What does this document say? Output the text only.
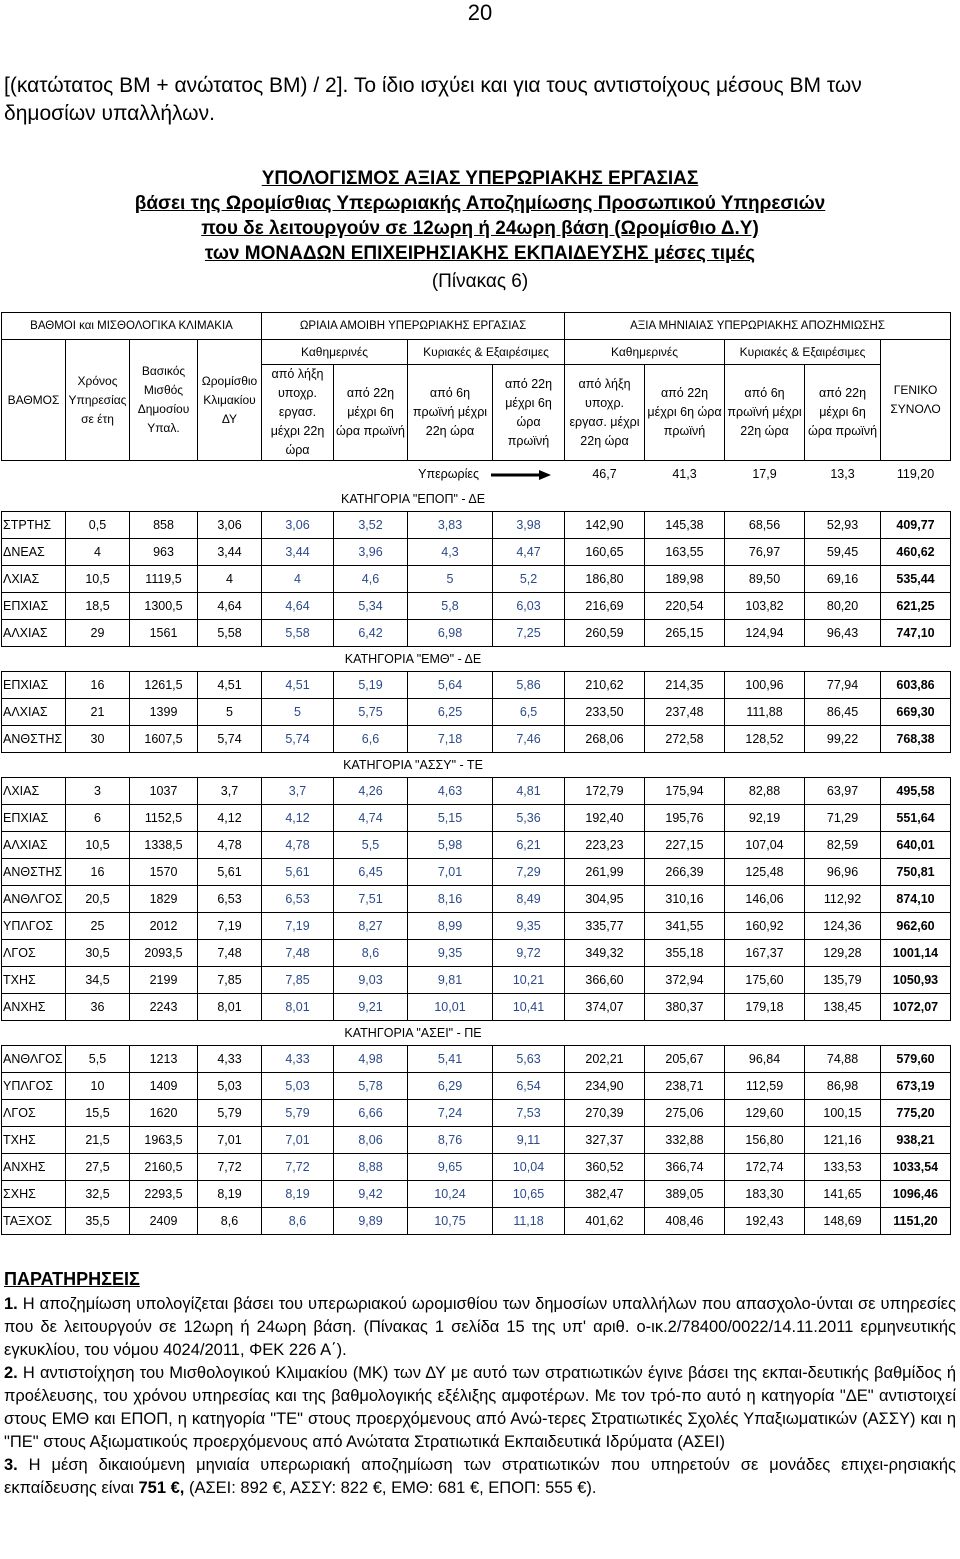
20
[(κατώτατος ΒΜ + ανώτατος ΒΜ) / 2]. Το ίδιο ισχύει και για τους αντιστοίχους μέσους ΒΜ των δημοσίων υπαλλήλων.
ΥΠΟΛΟΓΙΣΜΟΣ ΑΞΙΑΣ ΥΠΕΡΩΡΙΑΚΗΣ ΕΡΓΑΣΙΑΣ
βάσει της Ωρομίσθιας Υπερωριακής Αποζημίωσης Προσωπικού Υπηρεσιών
που δε λειτουργούν σε 12ωρη ή 24ωρη βάση (Ωρομίσθιο Δ.Υ)
των ΜΟΝΑΔΩΝ ΕΠΙΧΕΙΡΗΣΙΑΚΗΣ ΕΚΠΑΙΔΕΥΣΗΣ μέσες τιμές
(Πίνακας 6)
ΒΑΘΜΟΙ και ΜΙΣΘΟΛΟΓΙΚΑ ΚΛΙΜΑΚΙΑ				ΩΡΙΑΙΑ ΑΜΟΙΒΗ ΥΠΕΡΩΡΙΑΚΗΣ ΕΡΓΑΣΙΑΣ				ΑΞΙΑ ΜΗΝΙΑΙΑΣ ΥΠΕΡΩΡΙΑΚΗΣ ΑΠΟΖΗΜΙΩΣΗΣ				
ΒΑΘΜΟΣ	Χρόνος Υπηρεσίας σε έτη	Βασικός Μισθός Δημοσίου Υπαλ.	Ωρομίσθιο Κλιμακίου ΔΥ	Καθημερινές		Κυριακές & Εξαιρέσιμες		Καθημερινές		Κυριακές & Εξαιρέσιμες		ΓΕΝΙΚΟ ΣΥΝΟΛΟ
				από λήξη υποχρ. εργασ. μέχρι 22η ώρα	από 22η μέχρι 6η ώρα πρωϊνή	από 6η πρωϊνή μέχρι 22η ώρα	από 22η μέχρι 6η ώρα πρωϊνή	από λήξη υποχρ. εργασ. μέχρι 22η ώρα	από 22η μέχρι 6η ώρα πρωϊνή	από 6η πρωϊνή μέχρι 22η ώρα	από 22η μέχρι 6η ώρα πρωϊνή	
				Υπερωρίες				46,7	41,3	17,9	13,3	119,20
				ΚΑΤΗΓΟΡΙΑ "ΕΠΟΠ" - ΔΕ								
ΣΤΡΤΗΣ	0,5	858	3,06	3,06	3,52	3,83	3,98	142,90	145,38	68,56	52,93	409,77
ΔΝΕΑΣ	4	963	3,44	3,44	3,96	4,3	4,47	160,65	163,55	76,97	59,45	460,62
ΛΧΙΑΣ	10,5	1119,5	4	4	4,6	5	5,2	186,80	189,98	89,50	69,16	535,44
ΕΠΧΙΑΣ	18,5	1300,5	4,64	4,64	5,34	5,8	6,03	216,69	220,54	103,82	80,20	621,25
ΑΛΧΙΑΣ	29	1561	5,58	5,58	6,42	6,98	7,25	260,59	265,15	124,94	96,43	747,10
				ΚΑΤΗΓΟΡΙΑ "ΕΜΘ" - ΔΕ								
ΕΠΧΙΑΣ	16	1261,5	4,51	4,51	5,19	5,64	5,86	210,62	214,35	100,96	77,94	603,86
ΑΛΧΙΑΣ	21	1399	5	5	5,75	6,25	6,5	233,50	237,48	111,88	86,45	669,30
ΑΝΘΣΤΗΣ	30	1607,5	5,74	5,74	6,6	7,18	7,46	268,06	272,58	128,52	99,22	768,38
				ΚΑΤΗΓΟΡΙΑ "ΑΣΣΥ" - ΤΕ								
ΛΧΙΑΣ	3	1037	3,7	3,7	4,26	4,63	4,81	172,79	175,94	82,88	63,97	495,58
ΕΠΧΙΑΣ	6	1152,5	4,12	4,12	4,74	5,15	5,36	192,40	195,76	92,19	71,29	551,64
ΑΛΧΙΑΣ	10,5	1338,5	4,78	4,78	5,5	5,98	6,21	223,23	227,15	107,04	82,59	640,01
ΑΝΘΣΤΗΣ	16	1570	5,61	5,61	6,45	7,01	7,29	261,99	266,39	125,48	96,96	750,81
ΑΝΘΛΓΟΣ	20,5	1829	6,53	6,53	7,51	8,16	8,49	304,95	310,16	146,06	112,92	874,10
ΥΠΛΓΟΣ	25	2012	7,19	7,19	8,27	8,99	9,35	335,77	341,55	160,92	124,36	962,60
ΛΓΟΣ	30,5	2093,5	7,48	7,48	8,6	9,35	9,72	349,32	355,18	167,37	129,28	1001,14
ΤΧΗΣ	34,5	2199	7,85	7,85	9,03	9,81	10,21	366,60	372,94	175,60	135,79	1050,93
ΑΝΧΗΣ	36	2243	8,01	8,01	9,21	10,01	10,41	374,07	380,37	179,18	138,45	1072,07
				ΚΑΤΗΓΟΡΙΑ "ΑΣΕΙ" - ΠΕ								
ΑΝΘΛΓΟΣ	5,5	1213	4,33	4,33	4,98	5,41	5,63	202,21	205,67	96,84	74,88	579,60
ΥΠΛΓΟΣ	10	1409	5,03	5,03	5,78	6,29	6,54	234,90	238,71	112,59	86,98	673,19
ΛΓΟΣ	15,5	1620	5,79	5,79	6,66	7,24	7,53	270,39	275,06	129,60	100,15	775,20
ΤΧΗΣ	21,5	1963,5	7,01	7,01	8,06	8,76	9,11	327,37	332,88	156,80	121,16	938,21
ΑΝΧΗΣ	27,5	2160,5	7,72	7,72	8,88	9,65	10,04	360,52	366,74	172,74	133,53	1033,54
ΣΧΗΣ	32,5	2293,5	8,19	8,19	9,42	10,24	10,65	382,47	389,05	183,30	141,65	1096,46
ΤΑΞΧΟΣ	35,5	2409	8,6	8,6	9,89	10,75	11,18	401,62	408,46	192,43	148,69	1151,20
ΠΑΡΑΤΗΡΗΣΕΙΣ

1. Η αποζημίωση υπολογίζεται βάσει του υπερωριακού ωρομισθίου των δημοσίων υπαλλήλων που απασχολο-ύνται σε υπηρεσίες που δε λειτουργούν σε 12ωρη ή 24ωρη βάση. (Πίνακας 1 σελίδα 15 της υπ' αριθ. ο-ικ.2/78400/0022/14.11.2011 ερμηνευτικής εγκυκλίου, του νόμου 4024/2011, ΦΕΚ 226 Α΄).

2. Η αντιστοίχηση του Μισθολογικού Κλιμακίου (ΜΚ) των ΔΥ με αυτό των στρατιωτικών έγινε βάσει της εκπαι-δευτικής βαθμίδος ή προέλευσης, του χρόνου υπηρεσίας και της βαθμολογικής εξέλιξης αμφοτέρων. Με τον τρό-πο αυτό η κατηγορία "ΔΕ" αντιστοιχεί στους ΕΜΘ και ΕΠΟΠ, η κατηγορία "ΤΕ" στους προερχόμενους από Ανώ-τερες Στρατιωτικές Σχολές Υπαξιωματικών (ΑΣΣΥ) και η "ΠΕ" στους Αξιωματικούς προερχόμενους από Ανώτατα Στρατιωτικά Εκπαιδευτικά Ιδρύματα (ΑΣΕΙ)

3. Η μέση δικαιούμενη μηνιαία υπερωριακή αποζημίωση των στρατιωτικών που υπηρετούν σε μονάδες επιχει-ρησιακής εκπαίδευσης είναι 751 €, (ΑΣΕΙ: 892 €, ΑΣΣΥ: 822 €, ΕΜΘ: 681 €, ΕΠΟΠ: 555 €).
